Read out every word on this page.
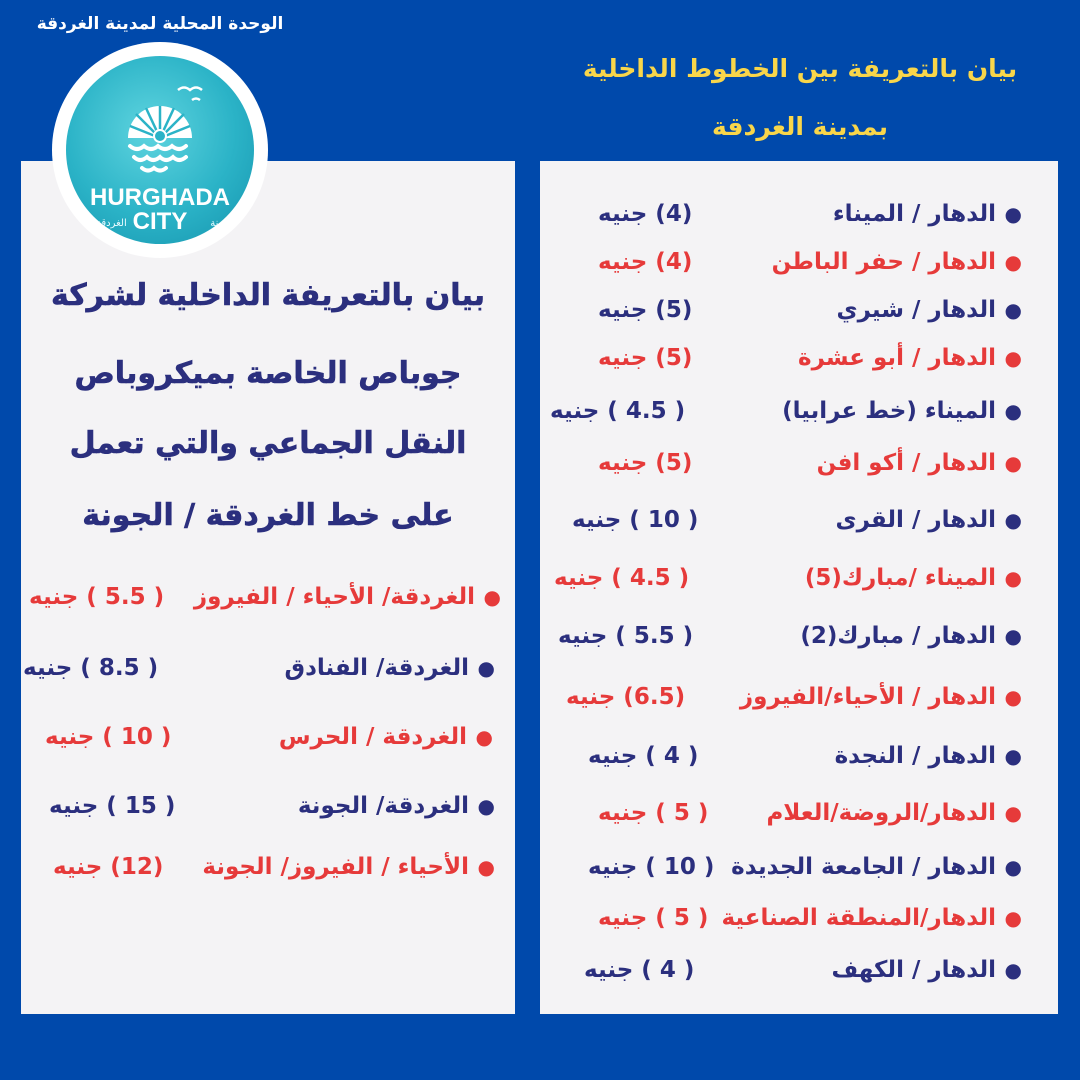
الوحدة المحلية لمدينة الغردقة
بيان بالتعريفة بين الخطوط الداخلية
بمدينة الغردقة
HURGHADA
CITY
الغردقة	مدينة
بيان بالتعريفة الداخلية لشركة
جوباص الخاصة بميكروباص
النقل الجماعي والتي تعمل
على خط الغردقة / الجونة
●
الغردقة/ الأحياء / الفيروز
( 5.5 ) جنيه
●
الغردقة/ الفنادق
( 8.5 ) جنيه
●
الغردقة / الحرس
( 10 ) جنيه
●
الغردقة/ الجونة
( 15 ) جنيه
●
الأحياء / الفيروز/ الجونة
(12) جنيه
●
الدهار / الميناء
(4) جنيه
●
الدهار / حفر الباطن
(4) جنيه
●
الدهار / شيري
(5) جنيه
●
الدهار / أبو عشرة
(5) جنيه
●
الميناء (خط عرابيا)
( 4.5 ) جنيه
●
الدهار / أكو افن
(5) جنيه
●
الدهار / القرى
( 10 ) جنيه
●
الميناء /مبارك(5)
( 4.5 ) جنيه
●
الدهار / مبارك(2)
( 5.5 ) جنيه
●
الدهار / الأحياء/الفيروز
(6.5) جنيه
●
الدهار / النجدة
( 4 ) جنيه
●
الدهار/الروضة/العلام
( 5 ) جنيه
●
الدهار / الجامعة الجديدة
( 10 ) جنيه
●
الدهار/المنطقة الصناعية
( 5 ) جنيه
●
الدهار / الكهف
( 4 ) جنيه
